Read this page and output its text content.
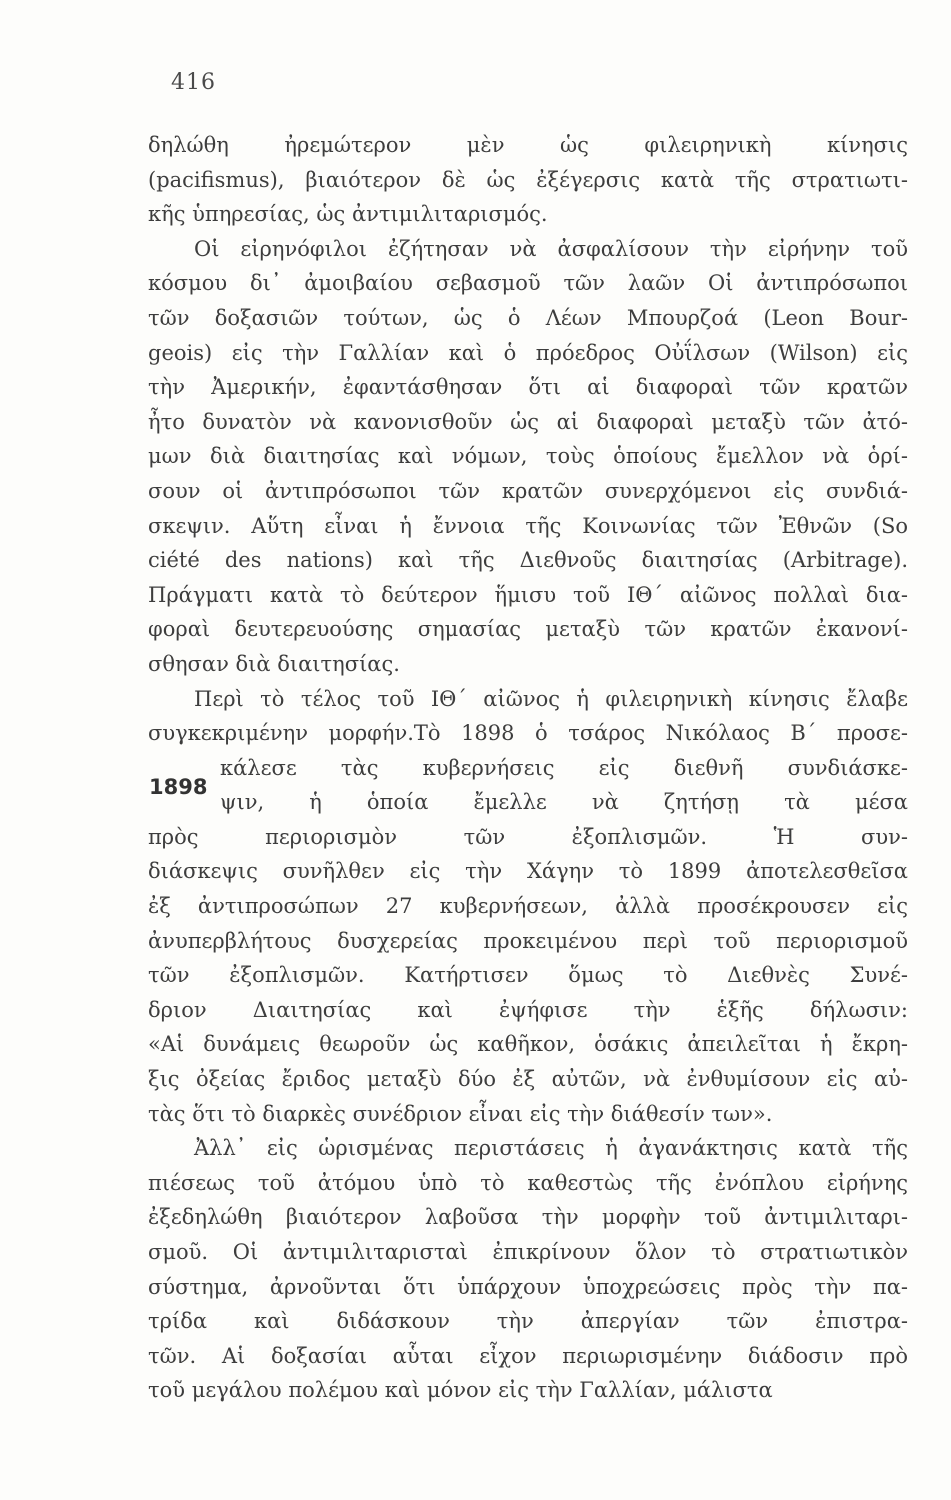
416
1898
δηλώθη ἠρεμώτερον μὲν ὡς φιλειρηνικὴ κίνησις
(pacifismus), βιαιότερον δὲ ὡς ἐξέγερσις κατὰ τῆς στρατιωτι-
κῆς ὑπηρεσίας, ὡς ἀντιμιλιταρισμός.
Οἱ εἰρηνόφιλοι ἐζήτησαν νὰ ἀσφαλίσουν τὴν εἰρήνην τοῦ
κόσμου δι᾿ ἀμοιβαίου σεβασμοῦ τῶν λαῶν Οἱ ἀντιπρόσωποι
τῶν δοξασιῶν τούτων, ὡς ὁ Λέων Μπουρζοά (Leon Bour-
geois) εἰς τὴν Γαλλίαν καὶ ὁ πρόεδρος Οὐΐλσων (Wilson) εἰς
τὴν Ἀμερικήν, ἐφαντάσθησαν ὅτι αἱ διαφοραὶ τῶν κρατῶν
ἦτο δυνατὸν νὰ κανονισθοῦν ὡς αἱ διαφοραὶ μεταξὺ τῶν ἀτό-
μων διὰ διαιτησίας καὶ νόμων, τοὺς ὁποίους ἔμελλον νὰ ὁρί-
σουν οἱ ἀντιπρόσωποι τῶν κρατῶν συνερχόμενοι εἰς συνδιά-
σκεψιν. Αὕτη εἶναι ἡ ἔννοια τῆς Κοινωνίας τῶν Ἐθνῶν (So
ciété des nations) καὶ τῆς Διεθνοῦς διαιτησίας (Arbitrage).
Πράγματι κατὰ τὸ δεύτερον ἥμισυ τοῦ ΙΘ´ αἰῶνος πολλαὶ δια-
φοραὶ δευτερευούσης σημασίας μεταξὺ τῶν κρατῶν ἐκανονί-
σθησαν διὰ διαιτησίας.
Περὶ τὸ τέλος τοῦ ΙΘ´ αἰῶνος ἡ φιλειρηνικὴ κίνησις ἔλαβε
συγκεκριμένην μορφήν.Τὸ 1898 ὁ τσάρος Νικόλαος Β´ προσε-
κάλεσε τὰς κυβερνήσεις εἰς διεθνῆ συνδιάσκε-
ψιν, ἡ ὁποία ἔμελλε νὰ ζητήσῃ τὰ μέσα
πρὸς περιορισμὸν τῶν ἐξοπλισμῶν. Ἡ συν-
διάσκεψις συνῆλθεν εἰς τὴν Χάγην τὸ 1899 ἀποτελεσθεῖσα
ἐξ ἀντιπροσώπων 27 κυβερνήσεων, ἀλλὰ προσέκρουσεν εἰς
ἀνυπερβλήτους δυσχερείας προκειμένου περὶ τοῦ περιορισμοῦ
τῶν ἐξοπλισμῶν. Κατήρτισεν ὅμως τὸ Διεθνὲς Συνέ-
δριον Διαιτησίας καὶ ἐψήφισε τὴν ἑξῆς δήλωσιν:
«Αἱ δυνάμεις θεωροῦν ὡς καθῆκον, ὁσάκις ἀπειλεῖται ἡ ἔκρη-
ξις ὀξείας ἔριδος μεταξὺ δύο ἐξ αὐτῶν, νὰ ἐνθυμίσουν εἰς αὐ-
τὰς ὅτι τὸ διαρκὲς συνέδριον εἶναι εἰς τὴν διάθεσίν των».
Ἀλλ᾿ εἰς ὡρισμένας περιστάσεις ἡ ἀγανάκτησις κατὰ τῆς
πιέσεως τοῦ ἀτόμου ὑπὸ τὸ καθεστὼς τῆς ἐνόπλου εἰρήνης
ἐξεδηλώθη βιαιότερον λαβοῦσα τὴν μορφὴν τοῦ ἀντιμιλιταρι-
σμοῦ. Οἱ ἀντιμιλιταρισταὶ ἐπικρίνουν ὅλον τὸ στρατιωτικὸν
σύστημα, ἀρνοῦνται ὅτι ὑπάρχουν ὑποχρεώσεις πρὸς τὴν πα-
τρίδα καὶ διδάσκουν τὴν ἀπεργίαν τῶν ἐπιστρα-
τῶν. Αἱ δοξασίαι αὗται εἶχον περιωρισμένην διάδοσιν πρὸ
τοῦ μεγάλου πολέμου καὶ μόνον εἰς τὴν Γαλλίαν, μάλιστα
